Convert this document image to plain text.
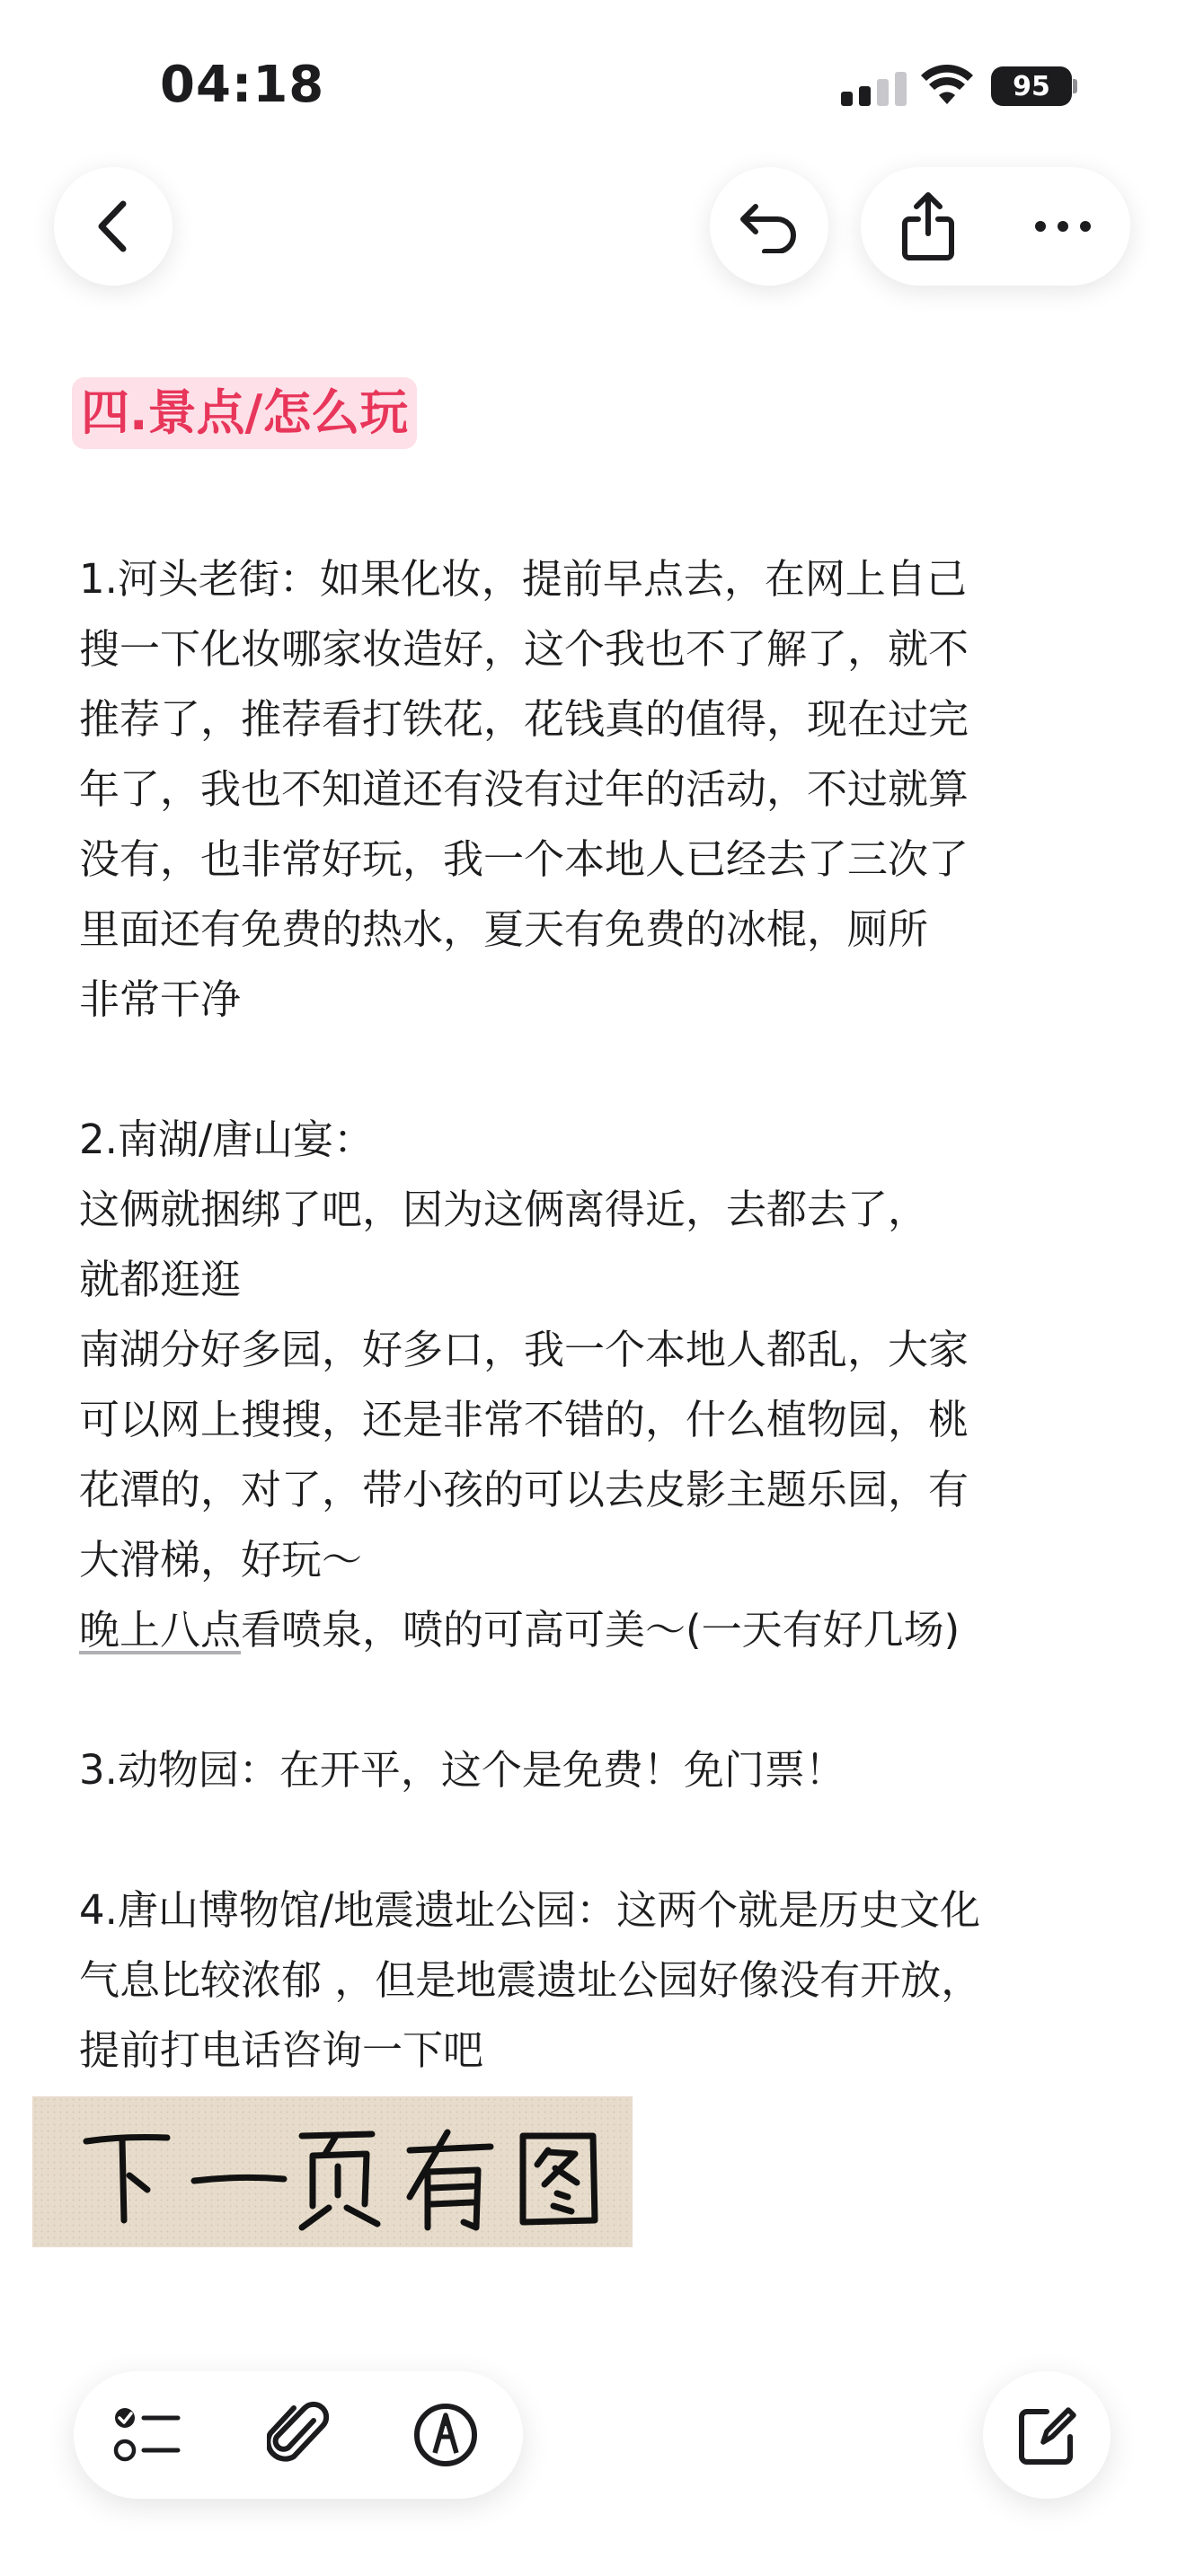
04:18	95
四.景点/怎么玩

1.河头老街：如果化妆，提前早点去，在网上自己

搜一下化妆哪家妆造好，这个我也不了解了，就不

推荐了，推荐看打铁花，花钱真的值得，现在过完

年了，我也不知道还有没有过年的活动，不过就算

没有，也非常好玩，我一个本地人已经去了三次了

里面还有免费的热水，夏天有免费的冰棍，厕所

非常干净

2.南湖/唐山宴：

这俩就捆绑了吧，因为这俩离得近，去都去了，

就都逛逛

南湖分好多园，好多口，我一个本地人都乱，大家

可以网上搜搜，还是非常不错的，什么植物园，桃

花潭的，对了，带小孩的可以去皮影主题乐园，有

大滑梯，好玩～

晚上八点看喷泉，喷的可高可美～(一天有好几场)

3.动物园：在开平，这个是免费！免门票！

4.唐山博物馆/地震遗址公园：这两个就是历史文化

气息比较浓郁 ，但是地震遗址公园好像没有开放，

提前打电话咨询一下吧
